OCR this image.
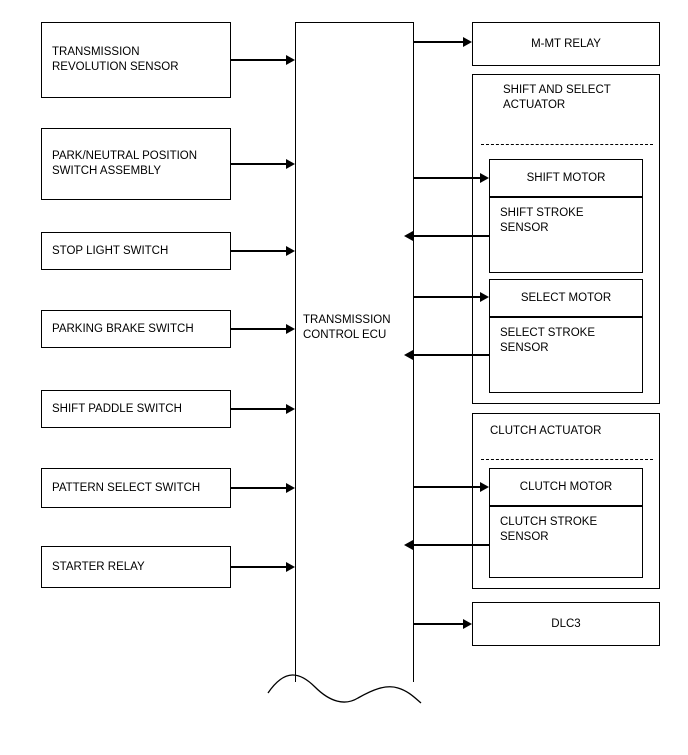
TRANSMISSION
REVOLUTION SENSOR
PARK/NEUTRAL POSITION
SWITCH ASSEMBLY
STOP LIGHT SWITCH
PARKING BRAKE SWITCH
SHIFT PADDLE SWITCH
PATTERN SELECT SWITCH
STARTER RELAY
TRANSMISSION
CONTROL ECU
M-MT RELAY
SHIFT AND SELECT
ACTUATOR
SHIFT MOTOR
SHIFT STROKE
SENSOR
SELECT MOTOR
SELECT STROKE
SENSOR
CLUTCH ACTUATOR
CLUTCH MOTOR
CLUTCH STROKE
SENSOR
DLC3
